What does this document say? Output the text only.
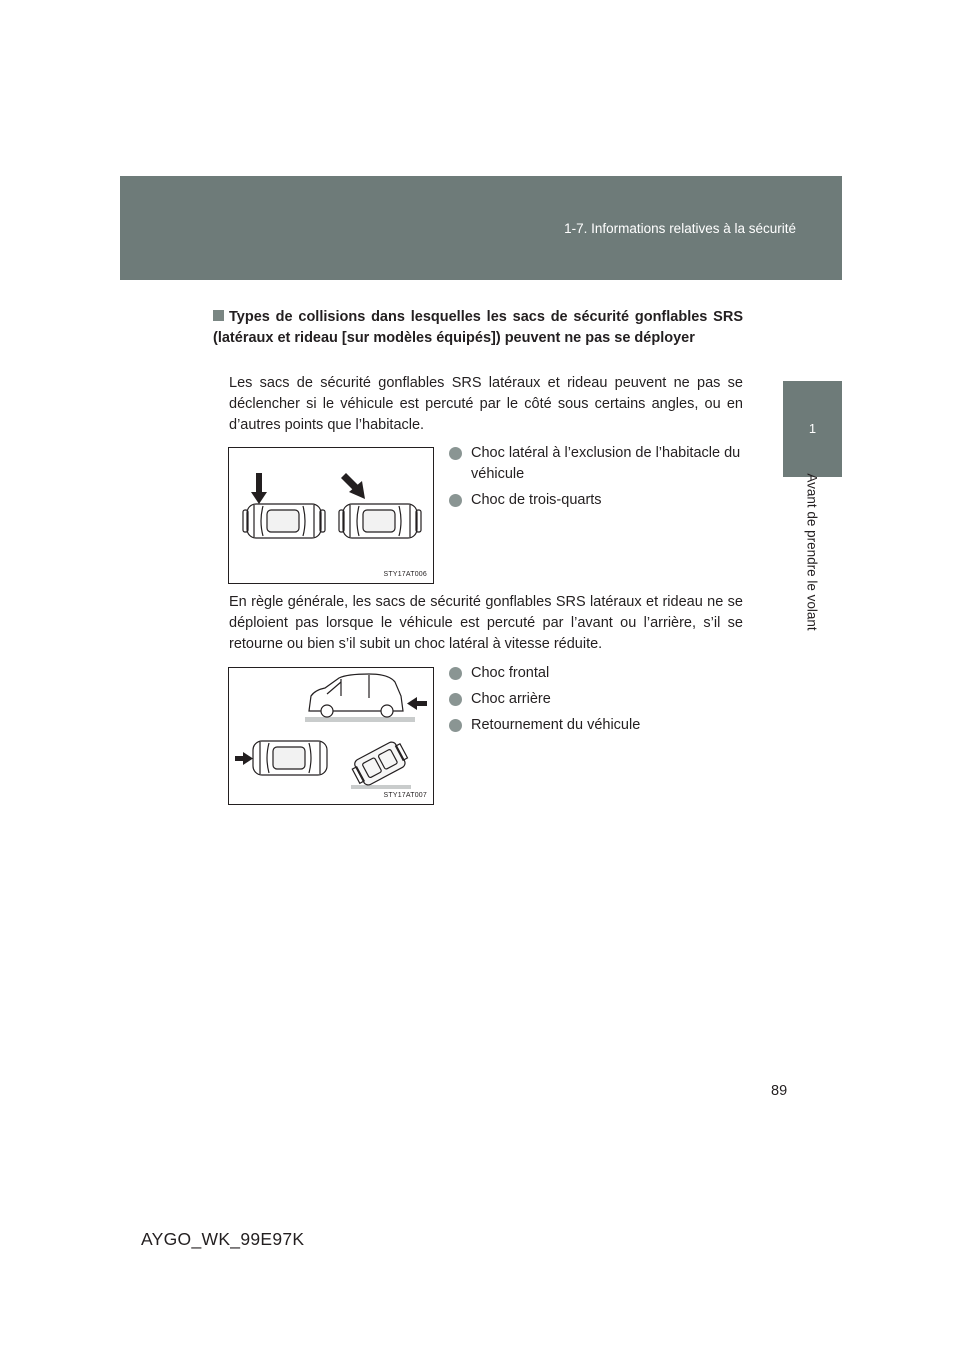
1-7. Informations relatives à la sécurité
1
Avant de prendre le volant
Types de collisions dans lesquelles les sacs de sécurité gonflables SRS (latéraux et rideau [sur modèles équipés]) peuvent ne pas se déployer
Les sacs de sécurité gonflables SRS latéraux et rideau peuvent ne pas se déclencher si le véhicule est percuté par le côté sous certains angles, ou en d’autres points que l’habitacle.
STY17AT006
Choc latéral à l’exclusion de l’habitacle du véhicule
Choc de trois-quarts
En règle générale, les sacs de sécurité gonflables SRS latéraux et rideau ne se déploient pas lorsque le véhicule est percuté par l’avant ou l’arrière, s’il se retourne ou bien s’il subit un choc latéral à vitesse réduite.
STY17AT007
Choc frontal
Choc arrière
Retournement du véhicule
89
AYGO_WK_99E97K
